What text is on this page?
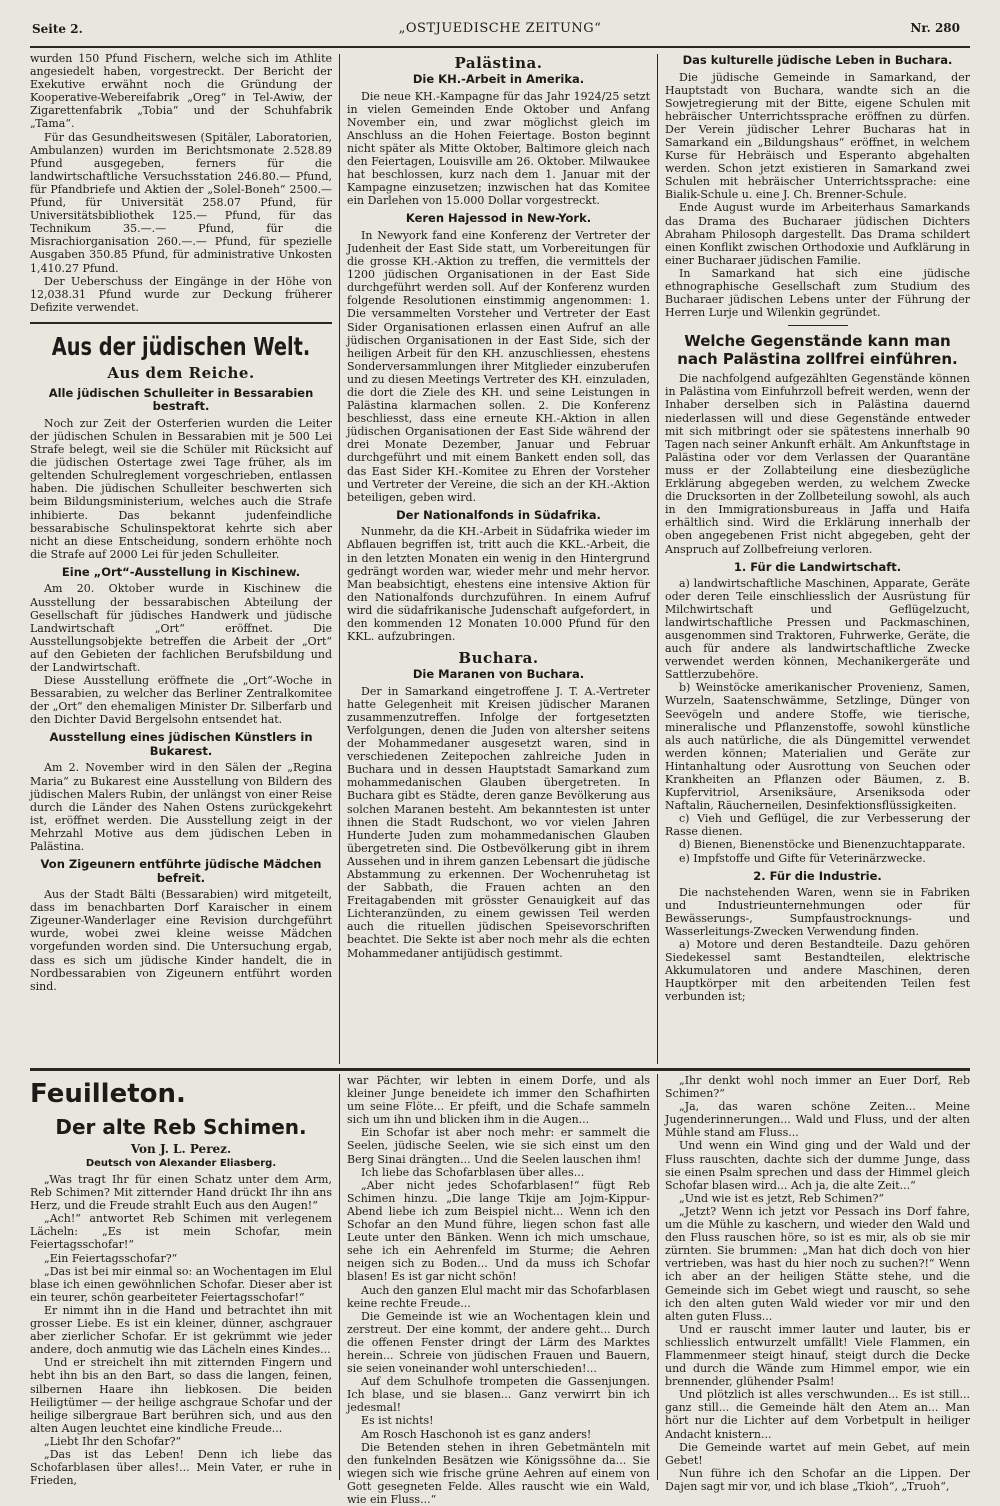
Seite 2.	„OSTJUEDISCHE ZEITUNG“	Nr. 280

wurden 150 Pfund Fischern, welche sich im Athlite angesiedelt haben, vorgestreckt. Der Bericht der Exekutive erwähnt noch die Gründung der Kooperative-Webereifabrik „Oreg“ in Tel-Awiw, der Zigarettenfabrik „Tobia“ und der Schuhfabrik „Tama“.

Für das Gesundheitswesen (Spitäler, Laboratorien, Ambulanzen) wurden im Berichtsmonate 2.528.89 Pfund ausgegeben, ferners für die landwirtschaftliche Versuchsstation 246.80.— Pfund, für Pfandbriefe und Aktien der „Solel-Boneh“ 2500.— Pfund, für Universität 258.07 Pfund, für Universitätsbibliothek 125.— Pfund, für das Technikum 35.—.— Pfund, für die Misrachiorganisation 260.—.— Pfund, für spezielle Ausgaben 350.85 Pfund, für administrative Unkosten 1,410.27 Pfund.

Der Ueberschuss der Eingänge in der Höhe von 12,038.31 Pfund wurde zur Deckung früherer Defizite verwendet.

Aus der jüdischen Welt.
Aus dem Reiche.
Alle jüdischen Schulleiter in Bessarabien bestraft.

Noch zur Zeit der Osterferien wurden die Leiter der jüdischen Schulen in Bessarabien mit je 500 Lei Strafe belegt, weil sie die Schüler mit Rücksicht auf die jüdischen Ostertage zwei Tage früher, als im geltenden Schulreglement vorgeschrieben, entlassen haben. Die jüdischen Schulleiter beschwerten sich beim Bildungsministerium, welches auch die Strafe inhibierte. Das bekannt judenfeindliche bessarabische Schulinspektorat kehrte sich aber nicht an diese Entscheidung, sondern erhöhte noch die Strafe auf 2000 Lei für jeden Schulleiter.

Eine „Ort“-Ausstellung in Kischinew.

Am 20. Oktober wurde in Kischinew die Ausstellung der bessarabischen Abteilung der Gesellschaft für jüdisches Handwerk und jüdische Landwirtschaft „Ort“ eröffnet. Die Ausstellungsobjekte betreffen die Arbeit der „Ort“ auf den Gebieten der fachlichen Berufsbildung und der Landwirtschaft.

Diese Ausstellung eröffnete die „Ort“-Woche in Bessarabien, zu welcher das Berliner Zentralkomitee der „Ort“ den ehemaligen Minister Dr. Silberfarb und den Dichter David Bergelsohn entsendet hat.

Ausstellung eines jüdischen Künstlers in Bukarest.

Am 2. November wird in den Sälen der „Regina Maria“ zu Bukarest eine Ausstellung von Bildern des jüdischen Malers Rubin, der unlängst von einer Reise durch die Länder des Nahen Ostens zurückgekehrt ist, eröffnet werden. Die Ausstellung zeigt in der Mehrzahl Motive aus dem jüdischen Leben in Palästina.

Von Zigeunern entführte jüdische Mädchen befreit.

Aus der Stadt Bälti (Bessarabien) wird mitgeteilt, dass im benachbarten Dorf Karaischer in einem Zigeuner-Wanderlager eine Revision durchgeführt wurde, wobei zwei kleine weisse Mädchen vorgefunden worden sind. Die Untersuchung ergab, dass es sich um jüdische Kinder handelt, die in Nordbessarabien von Zigeunern entführt worden sind.

Palästina.
Die KH.-Arbeit in Amerika.

Die neue KH.-Kampagne für das Jahr 1924/25 setzt in vielen Gemeinden Ende Oktober und Anfang November ein, und zwar möglichst gleich im Anschluss an die Hohen Feiertage. Boston beginnt nicht später als Mitte Oktober, Baltimore gleich nach den Feiertagen, Louisville am 26. Oktober. Milwaukee hat beschlossen, kurz nach dem 1. Januar mit der Kampagne einzusetzen; inzwischen hat das Komitee ein Darlehen von 15.000 Dollar vorgestreckt.

Keren Hajessod in New-York.

In Newyork fand eine Konferenz der Vertreter der Judenheit der East Side statt, um Vorbereitungen für die grosse KH.-Aktion zu treffen, die vermittels der 1200 jüdischen Organisationen in der East Side durchgeführt werden soll. Auf der Konferenz wurden folgende Resolutionen einstimmig angenommen: 1. Die versammelten Vorsteher und Vertreter der East Sider Organisationen erlassen einen Aufruf an alle jüdischen Organisationen in der East Side, sich der heiligen Arbeit für den KH. anzuschliessen, ehestens Sonderversammlungen ihrer Mitglieder einzuberufen und zu diesen Meetings Vertreter des KH. einzuladen, die dort die Ziele des KH. und seine Leistungen in Palästina klarmachen sollen. 2. Die Konferenz beschliesst, dass eine erneute KH.-Aktion in allen jüdischen Organisationen der East Side während der drei Monate Dezember, Januar und Februar durchgeführt und mit einem Bankett enden soll, das das East Sider KH.-Komitee zu Ehren der Vorsteher und Vertreter der Vereine, die sich an der KH.-Aktion beteiligen, geben wird.

Der Nationalfonds in Südafrika.

Nunmehr, da die KH.-Arbeit in Südafrika wieder im Abflauen begriffen ist, tritt auch die KKL.-Arbeit, die in den letzten Monaten ein wenig in den Hintergrund gedrängt worden war, wieder mehr und mehr hervor. Man beabsichtigt, ehestens eine intensive Aktion für den Nationalfonds durchzuführen. In einem Aufruf wird die südafrikanische Judenschaft aufgefordert, in den kommenden 12 Monaten 10.000 Pfund für den KKL. aufzubringen.

Buchara.
Die Maranen von Buchara.

Der in Samarkand eingetroffene J. T. A.-Vertreter hatte Gelegenheit mit Kreisen jüdischer Maranen zusammenzutreffen. Infolge der fortgesetzten Verfolgungen, denen die Juden von altersher seitens der Mohammedaner ausgesetzt waren, sind in verschiedenen Zeitepochen zahlreiche Juden in Buchara und in dessen Hauptstadt Samarkand zum mohammedanischen Glauben übergetreten. In Buchara gibt es Städte, deren ganze Bevölkerung aus solchen Maranen besteht. Am bekanntesten ist unter ihnen die Stadt Rudschont, wo vor vielen Jahren Hunderte Juden zum mohammedanischen Glauben übergetreten sind. Die Ostbevölkerung gibt in ihrem Aussehen und in ihrem ganzen Lebensart die jüdische Abstammung zu erkennen. Der Wochenruhetag ist der Sabbath, die Frauen achten an den Freitagabenden mit grösster Genauigkeit auf das Lichteranzünden, zu einem gewissen Teil werden auch die rituellen jüdischen Speisevorschriften beachtet. Die Sekte ist aber noch mehr als die echten Mohammedaner antijüdisch gestimmt.

Das kulturelle jüdische Leben in Buchara.

Die jüdische Gemeinde in Samarkand, der Hauptstadt von Buchara, wandte sich an die Sowjetregierung mit der Bitte, eigene Schulen mit hebräischer Unterrichtssprache eröffnen zu dürfen. Der Verein jüdischer Lehrer Bucharas hat in Samarkand ein „Bildungshaus“ eröffnet, in welchem Kurse für Hebräisch und Esperanto abgehalten werden. Schon jetzt existieren in Samarkand zwei Schulen mit hebräischer Unterrichtssprache: eine Bialik-Schule u. eine J. Ch. Brenner-Schule.

Ende August wurde im Arbeiterhaus Samarkands das Drama des Bucharaer jüdischen Dichters Abraham Philosoph dargestellt. Das Drama schildert einen Konflikt zwischen Orthodoxie und Aufklärung in einer Bucharaer jüdischen Familie.

In Samarkand hat sich eine jüdische ethnographische Gesellschaft zum Studium des Bucharaer jüdischen Lebens unter der Führung der Herren Lurje und Wilenkin gegründet.

Welche Gegenstände kann man nach Palästina zollfrei einführen.

Die nachfolgend aufgezählten Gegenstände können in Palästina vom Einfuhrzoll befreit werden, wenn der Inhaber derselben sich in Palästina dauernd niederlassen will und diese Gegenstände entweder mit sich mitbringt oder sie spätestens innerhalb 90 Tagen nach seiner Ankunft erhält. Am Ankunftstage in Palästina oder vor dem Verlassen der Quarantäne muss er der Zollabteilung eine diesbezügliche Erklärung abgegeben werden, zu welchem Zwecke die Drucksorten in der Zollbeteilung sowohl, als auch in den Immigrationsbureaus in Jaffa und Haifa erhältlich sind. Wird die Erklärung innerhalb der oben angegebenen Frist nicht abgegeben, geht der Anspruch auf Zollbefreiung verloren.

1. Für die Landwirtschaft.

a) landwirtschaftliche Maschinen, Apparate, Geräte oder deren Teile einschliesslich der Ausrüstung für Milchwirtschaft und Geflügelzucht, landwirtschaftliche Pressen und Packmaschinen, ausgenommen sind Traktoren, Fuhrwerke, Geräte, die auch für andere als landwirtschaftliche Zwecke verwendet werden können, Mechanikergeräte und Sattlerzubehöre.

b) Weinstöcke amerikanischer Provenienz, Samen, Wurzeln, Saatenschwämme, Setzlinge, Dünger von Seevögeln und andere Stoffe, wie tierische, mineralische und Pflanzenstoffe, sowohl künstliche als auch natürliche, die als Düngemittel verwendet werden können; Materialien und Geräte zur Hintanhaltung oder Ausrottung von Seuchen oder Krankheiten an Pflanzen oder Bäumen, z. B. Kupfervitriol, Arseniksäure, Arseniksoda oder Naftalin, Räucherneilen, Desinfektionsflüssigkeiten.

c) Vieh und Geflügel, die zur Verbesserung der Rasse dienen.

d) Bienen, Bienenstöcke und Bienenzuchtapparate.

e) Impfstoffe und Gifte für Veterinärzwecke.

2. Für die Industrie.

Die nachstehenden Waren, wenn sie in Fabriken und Industrieunternehmungen oder für Bewässerungs-, Sumpfaustrocknungs- und Wasserleitungs-Zwecken Verwendung finden.

a) Motore und deren Bestandteile. Dazu gehören Siedekessel samt Bestandteilen, elektrische Akkumulatoren und andere Maschinen, deren Hauptkörper mit den arbeitenden Teilen fest verbunden ist;

Feuilleton.
Der alte Reb Schimen.
Von J. L. Perez.
Deutsch von Alexander Eliasberg.

„Was tragt Ihr für einen Schatz unter dem Arm, Reb Schimen? Mit zitternder Hand drückt Ihr ihn ans Herz, und die Freude strahlt Euch aus den Augen!“

„Ach!“ antwortet Reb Schimen mit verlegenem Lächeln: „Es ist mein Schofar, mein Feiertagsschofar!“

„Ein Feiertagsschofar?“

„Das ist bei mir einmal so: an Wochentagen im Elul blase ich einen gewöhnlichen Schofar. Dieser aber ist ein teurer, schön gearbeiteter Feiertagsschofar!“

Er nimmt ihn in die Hand und betrachtet ihn mit grosser Liebe. Es ist ein kleiner, dünner, aschgrauer aber zierlicher Schofar. Er ist gekrümmt wie jeder andere, doch anmutig wie das Lächeln eines Kindes...

Und er streichelt ihn mit zitternden Fingern und hebt ihn bis an den Bart, so dass die langen, feinen, silbernen Haare ihn liebkosen. Die beiden Heiligtümer — der heilige aschgraue Schofar und der heilige silbergraue Bart berühren sich, und aus den alten Augen leuchtet eine kindliche Freude...

„Liebt Ihr den Schofar?“

„Das ist das Leben! Denn ich liebe das Schofarblasen über alles!... Mein Vater, er ruhe in Frieden,

war Pächter, wir lebten in einem Dorfe, und als kleiner Junge beneidete ich immer den Schafhirten um seine Flöte... Er pfeift, und die Schafe sammeln sich um ihn und blicken ihm in die Augen...

Ein Schofar ist aber noch mehr: er sammelt die Seelen, jüdische Seelen, wie sie sich einst um den Berg Sinai drängten... Und die Seelen lauschen ihm!

Ich liebe das Schofarblasen über alles...

„Aber nicht jedes Schofarblasen!“ fügt Reb Schimen hinzu. „Die lange Tkije am Jojm-Kippur-Abend liebe ich zum Beispiel nicht... Wenn ich den Schofar an den Mund führe, liegen schon fast alle Leute unter den Bänken. Wenn ich mich umschaue, sehe ich ein Aehrenfeld im Sturme; die Aehren neigen sich zu Boden... Und da muss ich Schofar blasen! Es ist gar nicht schön!

Auch den ganzen Elul macht mir das Schofarblasen keine rechte Freude...

Die Gemeinde ist wie an Wochentagen klein und zerstreut. Der eine kommt, der andere geht... Durch die offenen Fenster dringt der Lärm des Marktes herein... Schreie von jüdischen Frauen und Bauern, sie seien voneinander wohl unterschieden!...

Auf dem Schulhofe trompeten die Gassenjungen. Ich blase, und sie blasen... Ganz verwirrt bin ich jedesmal!

Es ist nichts!

Am Rosch Haschonoh ist es ganz anders!

Die Betenden stehen in ihren Gebetmänteln mit den funkelnden Besätzen wie Königssöhne da... Sie wiegen sich wie frische grüne Aehren auf einem von Gott gesegneten Felde. Alles rauscht wie ein Wald, wie ein Fluss...“

„Ihr denkt wohl noch immer an Euer Dorf, Reb Schimen?“

„Ja, das waren schöne Zeiten... Meine Jugenderinnerungen... Wald und Fluss, und der alten Mühle stand am Fluss...

Und wenn ein Wind ging und der Wald und der Fluss rauschten, dachte sich der dumme Junge, dass sie einen Psalm sprechen und dass der Himmel gleich Schofar blasen wird... Ach ja, die alte Zeit...“

„Und wie ist es jetzt, Reb Schimen?“

„Jetzt? Wenn ich jetzt vor Pessach ins Dorf fahre, um die Mühle zu kaschern, und wieder den Wald und den Fluss rauschen höre, so ist es mir, als ob sie mir zürnten. Sie brummen: „Man hat dich doch von hier vertrieben, was hast du hier noch zu suchen?!“ Wenn ich aber an der heiligen Stätte stehe, und die Gemeinde sich im Gebet wiegt und rauscht, so sehe ich den alten guten Wald wieder vor mir und den alten guten Fluss...

Und er rauscht immer lauter und lauter, bis er schliesslich entwurzelt umfällt! Viele Flammen, ein Flammenmeer steigt hinauf, steigt durch die Decke und durch die Wände zum Himmel empor, wie ein brennender, glühender Psalm!

Und plötzlich ist alles verschwunden... Es ist still... ganz still... die Gemeinde hält den Atem an... Man hört nur die Lichter auf dem Vorbetpult in heiliger Andacht knistern...

Die Gemeinde wartet auf mein Gebet, auf mein Gebet!

Nun führe ich den Schofar an die Lippen. Der Dajen sagt mir vor, und ich blase „Tkioh“, „Truoh“,
